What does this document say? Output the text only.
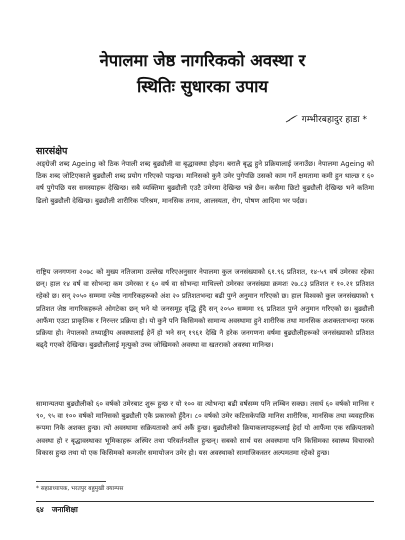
नेपालमा जेष्ठ नागरिकको अवस्था र
स्थितिः सुधारका उपाय
गम्भीरबहादुर हाडा *
सारसंक्षेप
अङ्ग्रेजी शब्द Ageing को ठिक नेपाली शब्द बुढ्यौली वा बृद्धावस्था होइन। बरालै बृद्ध हुने प्रक्रियालाई जनाउँछ। नेपालमा Ageing को ठिक शब्द जोटिएकाले बुढ्यौली शब्द प्रयोग गरिएको पाइन्छ। मानिसको कुनै उमेर पुगेपछि उसको काम गर्ने क्षमतामा कमी हुन थाल्छ र ६० वर्ष पुगेपछि यस समस्याहरू देखिन्छ। सबै व्यक्तिमा बुढ्यौली एउटै उमेरमा देखिन्छ भन्ने छैन। कसैमा छिटो बुढ्यौली देखिन्छ भने कतिमा ढिलो बुढ्यौली देखिन्छ। बुढ्यौली शारीरिक परिश्रम, मानसिक तनाव, आलस्यता, रोग, पोषण आदिमा भर पर्दछ।
राष्ट्रिय जनगणना २०७८ को मुख्य नतिजामा उल्लेख गरिएअनुसार नेपालमा कुल जनसंख्याको ६१.९६ प्रतिशत, १४-५९ वर्ष उमेरका रहेका छन्। हाल १४ वर्ष वा सोभन्दा कम उमेरका र ६० वर्ष वा सोभन्दा माथिल्लो उमेरका जनसंख्या क्रमशः २७.८३ प्रतिशत र १०.२१ प्रतिशत रहेको छ। सन् २०५० सम्ममा ज्येष्ठ नागरिकहरूको अंश २० प्रतिशतभन्दा बढी पुग्ने अनुमान गरिएको छ। हाल विश्वको कुल जनसंख्याको ९ प्रतिशत जेष्ठ नागरिकहरूले ओगटेका छन् भने यो जनसमूह वृद्धि हुँदै सन् २०५० सम्ममा १६ प्रतिशत पुग्ने अनुमान गरिएको छ। बुढ्यौली आफैंमा एउटा प्राकृतिक र निरन्तर प्रक्रिया हो। यो कुनै पनि किसिमको सामान्य अवस्थामा हुने शारीरिक तथा मानसिक अशक्तताभन्दा फरक प्रक्रिया हो। नेपालको तथ्याङ्कीय अवस्थालाई हेर्ने हो भने सन् १९६१ देखि नै हरेक जनगणना वर्षमा बुढ्यौलीहरूको जनसंख्याको प्रतिशत बढ्दै गएको देखिन्छ। बुढ्यौलीलाई मृत्युको उच्च जोखिमको अवस्था वा खतराको अवस्था मानिन्छ।
सामान्यतया बुढ्यौलीको ६० वर्षको उमेरबाट शुरू हुन्छ र यो १०० वा त्योभन्दा बढी वर्षसम्म पनि लम्बिन सक्छ। तसर्थ ६० वर्षको मानिस र ९०, ९५ वा १०० वर्षको मानिसको बुढ्यौली एकै प्रकारको हुँदैन। ८० वर्षको उमेर कटिसकेपछि मानिस शारीरिक, मानसिक तथा व्यवहारिक रूपमा निकै अशक्त हुन्छ। त्यो अवस्थामा सक्रियताको अर्थ अर्कै हुन्छ। बुढ्यौलीको क्रियाकलापहरूलाई हेर्दा यो आफैंमा एक सक्रियताको अवस्था हो र बृद्धावस्थाका भूमिकाहरू अस्थिर तथा परिवर्तनशील हुन्छन्। सबको सार्थ यस अवस्थामा पनि किसिमका स्वास्थ्य विचारको विकास हुन्छ तथा यो एक किसिमको कमजोर समायोजन उमेर हो। यस अवस्थाको सामाजिकस्तर अल्पमतमा रहेको हुन्छ।
* सहप्राध्यापक, भरतपुर बहुमुखी क्याम्पस
६४ जनाशिक्षा
